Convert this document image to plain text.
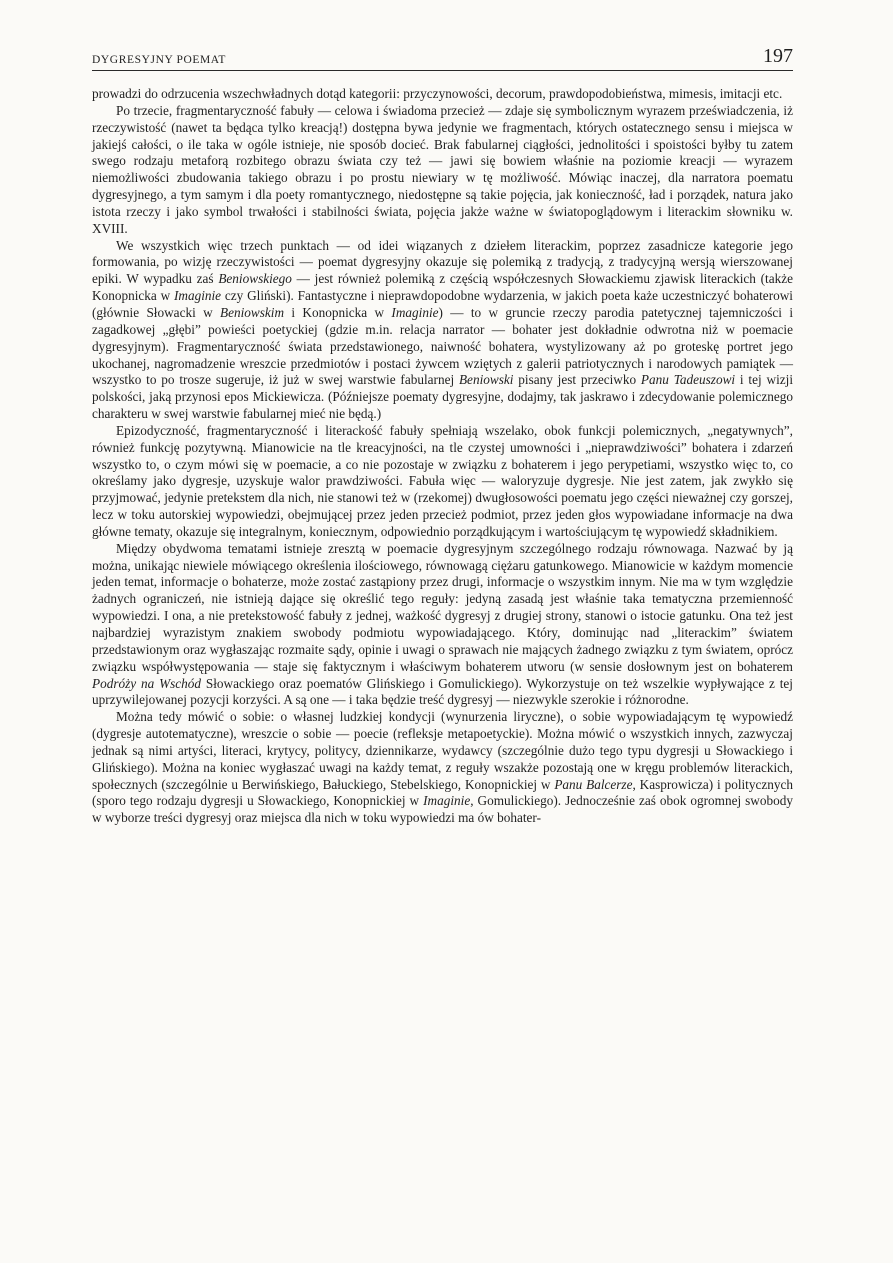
DYGRESYJNY POEMAT	197

prowadzi do odrzucenia wszechwładnych dotąd kategorii: przyczynowości, decorum, prawdopodobieństwa, mimesis, imitacji etc.

Po trzecie, fragmentaryczność fabuły — celowa i świadoma przecież — zdaje się symbolicznym wyrazem przeświadczenia, iż rzeczywistość (nawet ta będąca tylko kreacją!) dostępna bywa jedynie we fragmentach, których ostatecznego sensu i miejsca w jakiejś całości, o ile taka w ogóle istnieje, nie sposób docieć. Brak fabularnej ciągłości, jednolitości i spoistości byłby tu zatem swego rodzaju metaforą rozbitego obrazu świata czy też — jawi się bowiem właśnie na poziomie kreacji — wyrazem niemożliwości zbudowania takiego obrazu i po prostu niewiary w tę możliwość. Mówiąc inaczej, dla narratora poematu dygresyjnego, a tym samym i dla poety romantycznego, niedostępne są takie pojęcia, jak konieczność, ład i porządek, natura jako istota rzeczy i jako symbol trwałości i stabilności świata, pojęcia jakże ważne w światopoglądowym i literackim słowniku w. XVIII.

We wszystkich więc trzech punktach — od idei wiązanych z dziełem literackim, poprzez zasadnicze kategorie jego formowania, po wizję rzeczywistości — poemat dygresyjny okazuje się polemiką z tradycją, z tradycyjną wersją wierszowanej epiki. W wypadku zaś Beniowskiego — jest również polemiką z częścią współczesnych Słowackiemu zjawisk literackich (także Konopnicka w Imaginie czy Gliński). Fantastyczne i nieprawdopodobne wydarzenia, w jakich poeta każe uczestniczyć bohaterowi (głównie Słowacki w Beniowskim i Konopnicka w Imaginie) — to w gruncie rzeczy parodia patetycznej tajemniczości i zagadkowej „głębi” powieści poetyckiej (gdzie m.in. relacja narrator — bohater jest dokładnie odwrotna niż w poemacie dygresyjnym). Fragmentaryczność świata przedstawionego, naiwność bohatera, wystylizowany aż po groteskę portret jego ukochanej, nagromadzenie wreszcie przedmiotów i postaci żywcem wziętych z galerii patriotycznych i narodowych pamiątek — wszystko to po trosze sugeruje, iż już w swej warstwie fabularnej Beniowski pisany jest przeciwko Panu Tadeuszowi i tej wizji polskości, jaką przynosi epos Mickiewicza. (Późniejsze poematy dygresyjne, dodajmy, tak jaskrawo i zdecydowanie polemicznego charakteru w swej warstwie fabularnej mieć nie będą.)

Epizodyczność, fragmentaryczność i literackość fabuły spełniają wszelako, obok funkcji polemicznych, „negatywnych”, również funkcję pozytywną. Mianowicie na tle kreacyjności, na tle czystej umowności i „nieprawdziwości” bohatera i zdarzeń wszystko to, o czym mówi się w poemacie, a co nie pozostaje w związku z bohaterem i jego perypetiami, wszystko więc to, co określamy jako dygresje, uzyskuje walor prawdziwości. Fabuła więc — waloryzuje dygresje. Nie jest zatem, jak zwykło się przyjmować, jedynie pretekstem dla nich, nie stanowi też w (rzekomej) dwugłosowości poematu jego części nieważnej czy gorszej, lecz w toku autorskiej wypowiedzi, obejmującej przez jeden przecież podmiot, przez jeden głos wypowiadane informacje na dwa główne tematy, okazuje się integralnym, koniecznym, odpowiednio porządkującym i wartościującym tę wypowiedź składnikiem.

Między obydwoma tematami istnieje zresztą w poemacie dygresyjnym szczególnego rodzaju równowaga. Nazwać by ją można, unikając niewiele mówiącego określenia ilościowego, równowagą ciężaru gatunkowego. Mianowicie w każdym momencie jeden temat, informacje o bohaterze, może zostać zastąpiony przez drugi, informacje o wszystkim innym. Nie ma w tym względzie żadnych ograniczeń, nie istnieją dające się określić tego reguły: jedyną zasadą jest właśnie taka tematyczna przemienność wypowiedzi. I ona, a nie pretekstowość fabuły z jednej, ważkość dygresyj z drugiej strony, stanowi o istocie gatunku. Ona też jest najbardziej wyrazistym znakiem swobody podmiotu wypowiadającego. Który, dominując nad „literackim” światem przedstawionym oraz wygłaszając rozmaite sądy, opinie i uwagi o sprawach nie mających żadnego związku z tym światem, oprócz związku współwystępowania — staje się faktycznym i właściwym bohaterem utworu (w sensie dosłownym jest on bohaterem Podróży na Wschód Słowackiego oraz poematów Glińskiego i Gomulickiego). Wykorzystuje on też wszelkie wypływające z tej uprzywilejowanej pozycji korzyści. A są one — i taka będzie treść dygresyj — niezwykle szerokie i różnorodne.

Można tedy mówić o sobie: o własnej ludzkiej kondycji (wynurzenia liryczne), o sobie wypowiadającym tę wypowiedź (dygresje autotematyczne), wreszcie o sobie — poecie (refleksje metapoetyckie). Można mówić o wszystkich innych, zazwyczaj jednak są nimi artyści, literaci, krytycy, politycy, dziennikarze, wydawcy (szczególnie dużo tego typu dygresji u Słowackiego i Glińskiego). Można na koniec wygłaszać uwagi na każdy temat, z reguły wszakże pozostają one w kręgu problemów literackich, społecznych (szczególnie u Berwińskiego, Bałuckiego, Stebelskiego, Konopnickiej w Panu Balcerze, Kasprowicza) i politycznych (sporo tego rodzaju dygresji u Słowackiego, Konopnickiej w Imaginie, Gomulickiego). Jednocześnie zaś obok ogromnej swobody w wyborze treści dygresyj oraz miejsca dla nich w toku wypowiedzi ma ów bohater-
